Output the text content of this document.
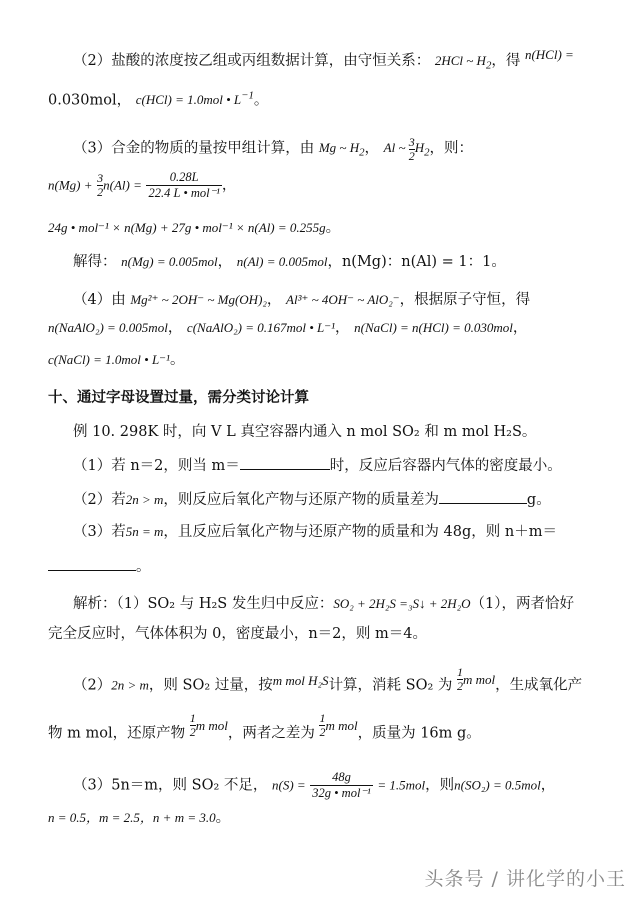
（2）盐酸的浓度按乙组或丙组数据计算，由守恒关系： 2HCl ~ $H_2$，得 n(HCl) =
0.030mol， c(HCl) = 1.0mol • $L^{-1}$。
（3）合金的物质的量按甲组计算，由 Mg ~ $H_2$， Al ~ $\frac{3}{2}H_2$，则：
$n(Mg) + \frac{3}{2}n(Al) = \frac{0.28L}{\text{22.4 L • mol⁻¹}}$ ，
24g • mol⁻¹ × n(Mg) + 27g • mol⁻¹ × n(Al) = 0.255g。
解得： n(Mg) = 0.005mol， n(Al) = 0.005mol，n(Mg)：n(Al) = 1：1。
（4）由 Mg²⁺ ~ 2OH⁻ ~ Mg(OH)₂， Al³⁺ ~ 4OH⁻ ~ AlO₂⁻，根据原子守恒，得
n(NaAlO₂) = 0.005mol， c(NaAlO₂) = 0.167mol • L⁻¹， n(NaCl) = n(HCl) = 0.030mol，
c(NaCl) = 1.0mol • L⁻¹。
十、通过字母设置过量，需分类讨论计算
例 10. 298K 时，向 V L 真空容器内通入 n mol SO₂ 和 m mol H₂S。
（1）若 n＝2，则当 m＝	时，反应后容器内气体的密度最小。
（2）若2n > m，则反应后氧化产物与还原产物的质量差为	g。
（3）若5n = m，且反应后氧化产物与还原产物的质量和为 48g，则 n＋m＝
。
解析：（1）SO₂ 与 H₂S 发生归中反应：SO₂ + 2H₂S =₃S↓ + 2H₂O（1），两者恰好
完全反应时，气体体积为 0，密度最小，n＝2，则 m＝4。
（2）2n > m，则 SO₂ 过量，按m mol H₂S计算，消耗 SO₂ 为 $\frac{1}{2}m$ mol，生成氧化产
物 m mol，还原产物 $\frac{1}{2}m$ mol，两者之差为 $\frac{1}{2}m$ mol，质量为 16m g。
（3）5n＝m，则 SO₂ 不足， $n(S) = \frac{48g}{\text{32g • mol⁻¹}} = 1.5mol$，则n(SO₂) = 0.5mol，
n = 0.5，m = 2.5，n + m = 3.0。
头条号 / 讲化学的小王
